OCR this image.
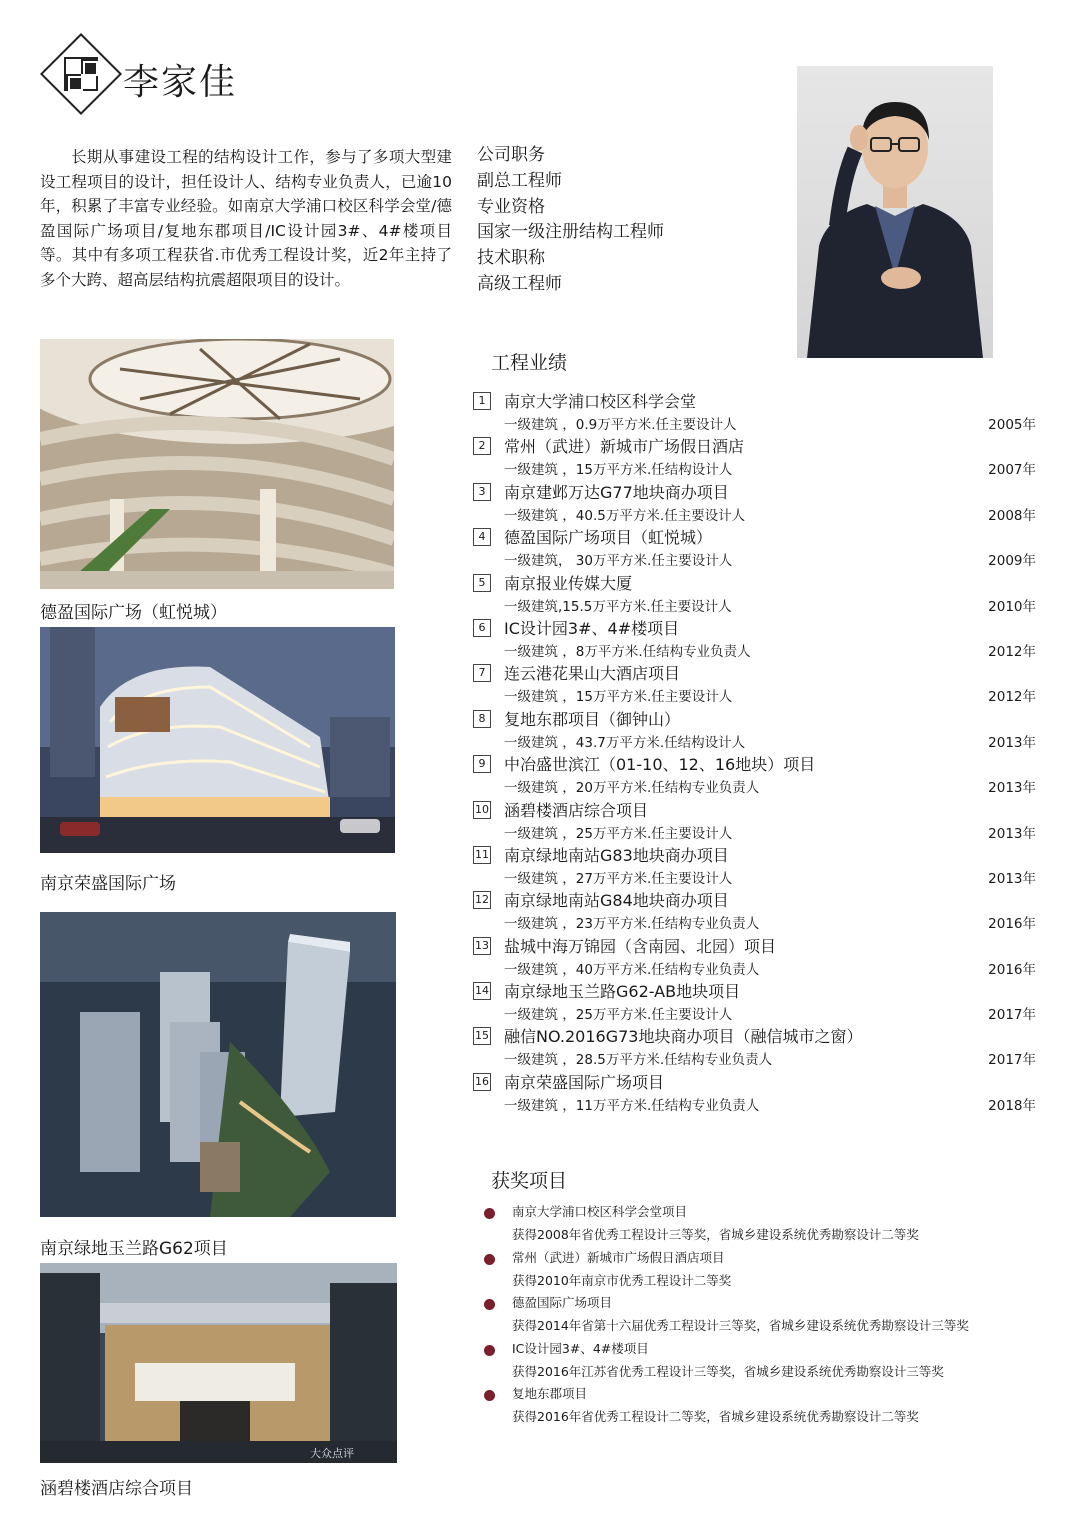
李家佳
长期从事建设工程的结构设计工作，参与了多项大型建设工程项目的设计，担任设计人、结构专业负责人，已逾10年，积累了丰富专业经验。如南京大学浦口校区科学会堂/德盈国际广场项目/复地东郡项目/IC设计园3#、4#楼项目等。其中有多项工程获省.市优秀工程设计奖，近2年主持了多个大跨、超高层结构抗震超限项目的设计。
公司职务
副总工程师
专业资格
国家一级注册结构工程师
技术职称
高级工程师
德盈国际广场（虹悦城）
南京荣盛国际广场
南京绿地玉兰路G62项目
大众点评
涵碧楼酒店综合项目
工程业绩
1	南京大学浦口校区科学会堂
一级建筑 ，0.9万平方米.任主要设计人	2005年
2	常州（武进）新城市广场假日酒店
一级建筑 ，15万平方米.任结构设计人	2007年
3	南京建邺万达G77地块商办项目
一级建筑 ，40.5万平方米.任主要设计人	2008年
4	德盈国际广场项目（虹悦城）
一级建筑， 30万平方米.任主要设计人	2009年
5	南京报业传媒大厦
一级建筑,15.5万平方米.任主要设计人	2010年
6	IC设计园3#、4#楼项目
一级建筑 ，8万平方米.任结构专业负责人	2012年
7	连云港花果山大酒店项目
一级建筑 ，15万平方米.任主要设计人	2012年
8	复地东郡项目（御钟山）
一级建筑 ，43.7万平方米.任结构设计人	2013年
9	中冶盛世滨江（01-10、12、16地块）项目
一级建筑 ，20万平方米.任结构专业负责人	2013年
10 涵碧楼酒店综合项目
一级建筑 ，25万平方米.任主要设计人	2013年
11 南京绿地南站G83地块商办项目
一级建筑 ，27万平方米.任主要设计人	2013年
12 南京绿地南站G84地块商办项目
一级建筑 ，23万平方米.任结构专业负责人	2016年
13 盐城中海万锦园（含南园、北园）项目
一级建筑 ，40万平方米.任结构专业负责人	2016年
14 南京绿地玉兰路G62-AB地块项目
一级建筑 ，25万平方米.任主要设计人	2017年
15 融信NO.2016G73地块商办项目（融信城市之窗）
一级建筑 ，28.5万平方米.任结构专业负责人	2017年
16 南京荣盛国际广场项目
一级建筑 ，11万平方米.任结构专业负责人	2018年
获奖项目
南京大学浦口校区科学会堂项目
获得2008年省优秀工程设计三等奖，省城乡建设系统优秀勘察设计二等奖
常州（武进）新城市广场假日酒店项目
获得2010年南京市优秀工程设计二等奖
德盈国际广场项目
获得2014年省第十六届优秀工程设计三等奖，省城乡建设系统优秀勘察设计三等奖
IC设计园3#、4#楼项目
获得2016年江苏省优秀工程设计三等奖，省城乡建设系统优秀勘察设计三等奖
复地东郡项目
获得2016年省优秀工程设计二等奖，省城乡建设系统优秀勘察设计二等奖
